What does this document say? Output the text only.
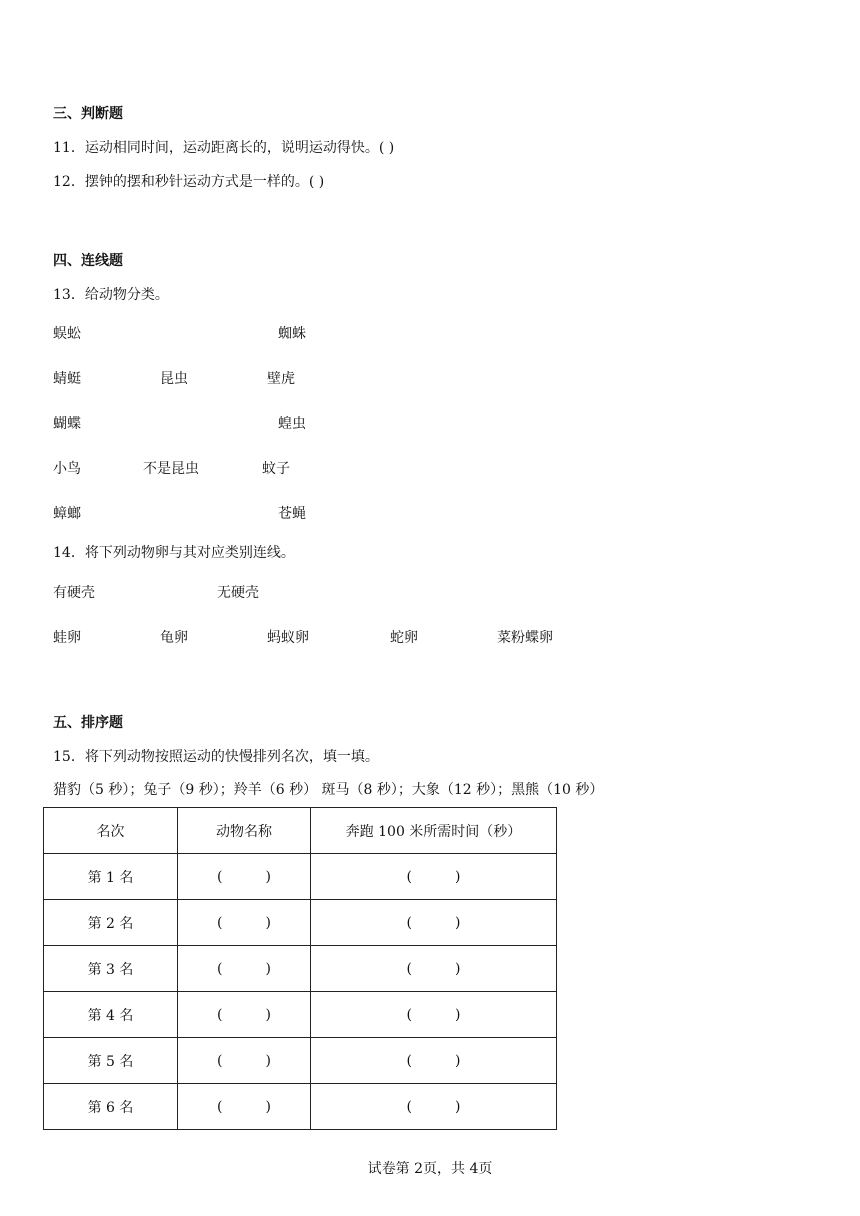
三、判断题
11．运动相同时间，运动距离长的，说明运动得快。( )
12．摆钟的摆和秒针运动方式是一样的。( )
四、连线题
13．给动物分类。
蜈蚣	蜘蛛
蜻蜓	昆虫	壁虎
蝴蝶	蝗虫
小鸟	不是昆虫	蚊子
蟑螂	苍蝇
14．将下列动物卵与其对应类别连线。
有硬壳	无硬壳
蛙卵	龟卵	蚂蚁卵	蛇卵	菜粉蝶卵
五、排序题
15．将下列动物按照运动的快慢排列名次，填一填。
猎豹（5 秒）；兔子（9 秒）；羚羊（6 秒） 斑马（8 秒）；大象（12 秒）；黑熊（10 秒）
名次	动物名称	奔跑 100 米所需时间（秒）
第 1 名	( )	( )

第 2 名	( )	( )

第 3 名	( )	( )

第 4 名	( )	( )

第 5 名	( )	( )

第 6 名	( )	( )
试卷第 2页，共 4页
